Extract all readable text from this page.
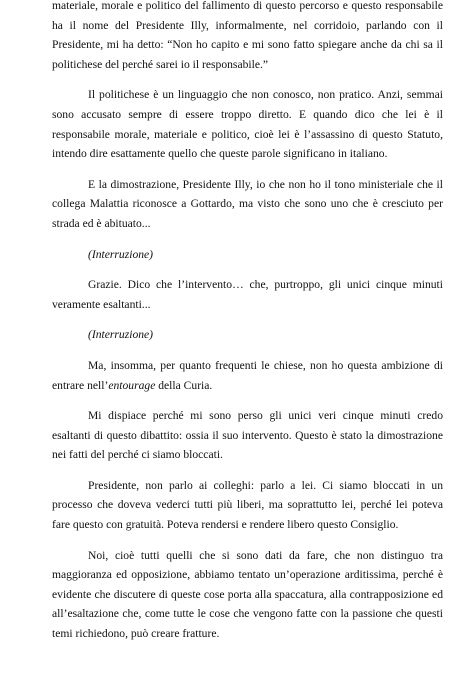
materiale, morale e politico del fallimento di questo percorso e questo responsabile ha il nome del Presidente Illy, informalmente, nel corridoio, parlando con il Presidente, mi ha detto: “Non ho capito e mi sono fatto spiegare anche da chi sa il politichese del perché sarei io il responsabile.”

Il politichese è un linguaggio che non conosco, non pratico. Anzi, semmai sono accusato sempre di essere troppo diretto. E quando dico che lei è il responsabile morale, materiale e politico, cioè lei è l’assassino di questo Statuto, intendo dire esattamente quello che queste parole significano in italiano.

E la dimostrazione, Presidente Illy, io che non ho il tono ministeriale che il collega Malattia riconosce a Gottardo, ma visto che sono uno che è cresciuto per strada ed è abituato...

(Interruzione)

Grazie. Dico che l’intervento… che, purtroppo, gli unici cinque minuti veramente esaltanti...

(Interruzione)

Ma, insomma, per quanto frequenti le chiese, non ho questa ambizione di entrare nell’entourage della Curia.

Mi dispiace perché mi sono perso gli unici veri cinque minuti credo esaltanti di questo dibattito: ossia il suo intervento. Questo è stato la dimostrazione nei fatti del perché ci siamo bloccati.

Presidente, non parlo ai colleghi: parlo a lei. Ci siamo bloccati in un processo che doveva vederci tutti più liberi, ma soprattutto lei, perché lei poteva fare questo con gratuità. Poteva rendersi e rendere libero questo Consiglio.

Noi, cioè tutti quelli che si sono dati da fare, che non distinguo tra maggioranza ed opposizione, abbiamo tentato un’operazione arditissima, perché è evidente che discutere di queste cose porta alla spaccatura, alla contrapposizione ed all’esaltazione che, come tutte le cose che vengono fatte con la passione che questi temi richiedono, può creare fratture.
